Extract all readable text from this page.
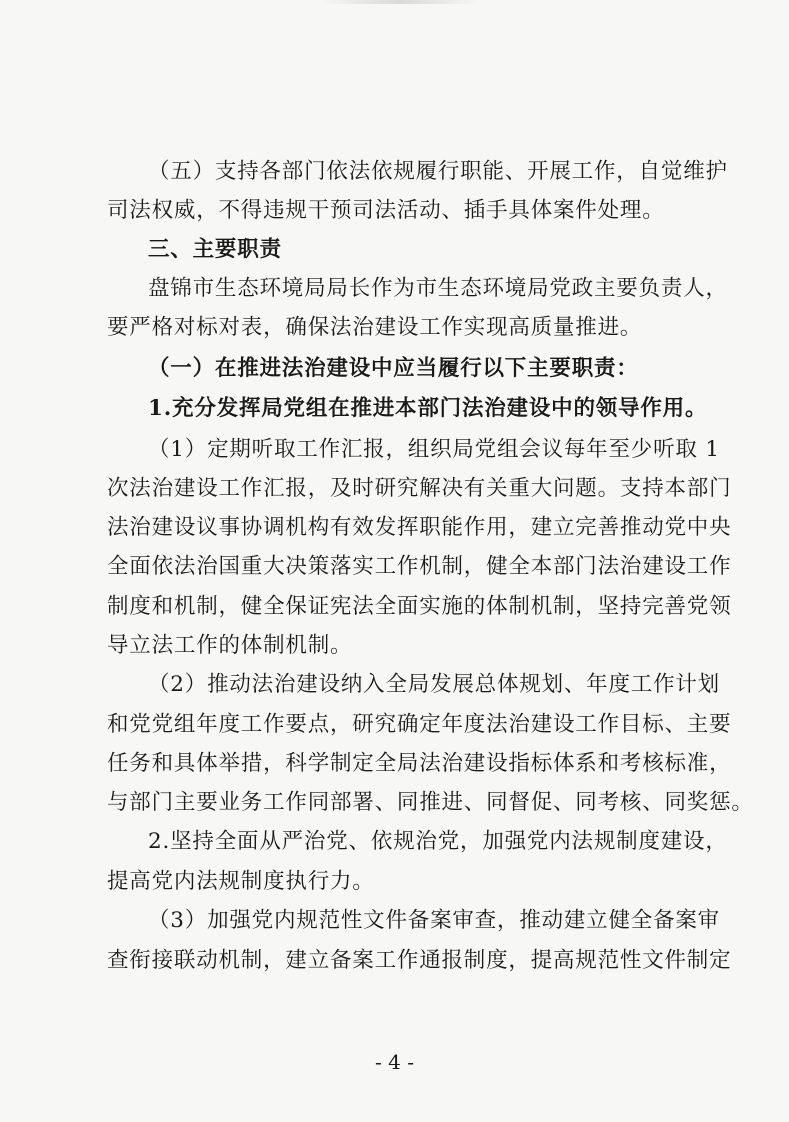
（五）支持各部门依法依规履行职能、开展工作，自觉维护
司法权威，不得违规干预司法活动、插手具体案件处理。
三、主要职责
盘锦市生态环境局局长作为市生态环境局党政主要负责人，
要严格对标对表，确保法治建设工作实现高质量推进。
（一）在推进法治建设中应当履行以下主要职责：
1.充分发挥局党组在推进本部门法治建设中的领导作用。
（1）定期听取工作汇报，组织局党组会议每年至少听取 1
次法治建设工作汇报，及时研究解决有关重大问题。支持本部门
法治建设议事协调机构有效发挥职能作用，建立完善推动党中央
全面依法治国重大决策落实工作机制，健全本部门法治建设工作
制度和机制，健全保证宪法全面实施的体制机制，坚持完善党领
导立法工作的体制机制。
（2）推动法治建设纳入全局发展总体规划、年度工作计划
和党党组年度工作要点，研究确定年度法治建设工作目标、主要
任务和具体举措，科学制定全局法治建设指标体系和考核标准，
与部门主要业务工作同部署、同推进、同督促、同考核、同奖惩。
2.坚持全面从严治党、依规治党，加强党内法规制度建设，
提高党内法规制度执行力。
（3）加强党内规范性文件备案审查，推动建立健全备案审
查衔接联动机制，建立备案工作通报制度，提高规范性文件制定
- 4 -
